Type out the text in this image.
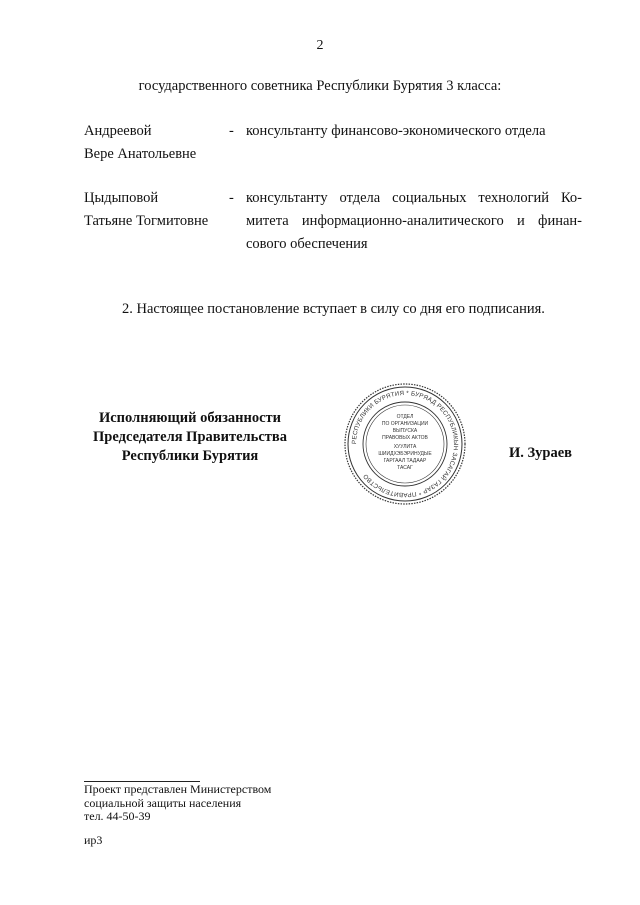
2
государственного советника Республики Бурятия 3 класса:
Андреевой
Вере Анатольевне
- консультанту финансово-экономического отдела
Цыдыповой
Татьяне Тогмитовне
- консультанту отдела социальных технологий Ко-
митета информационно-аналитического и финан-
сового обеспечения
2. Настоящее постановление вступает в силу со дня его подписания.
Исполняющий обязанности
Председателя Правительства
Республики Бурятия
РЕСПУБЛИКИ БУРЯТИЯ * БУРЯАД РЕСПУБЛИКЫН ЗАСАГАЙ ГАЗАР * ПРАВИТЕЛЬСТВО
ОТДЕЛ
ПО ОРГАНИЗАЦИИ
ВЫПУСКА
ПРАВОВЫХ АКТОВ
ХУУЛИТА
ШИИДХЭБЭРИНУДЫЕ
ГАРГААЛ ТАДААР
ТАСАГ
И. Зураев
Проект представлен Министерством
социальной защиты населения
тел. 44-50-39
ир3
